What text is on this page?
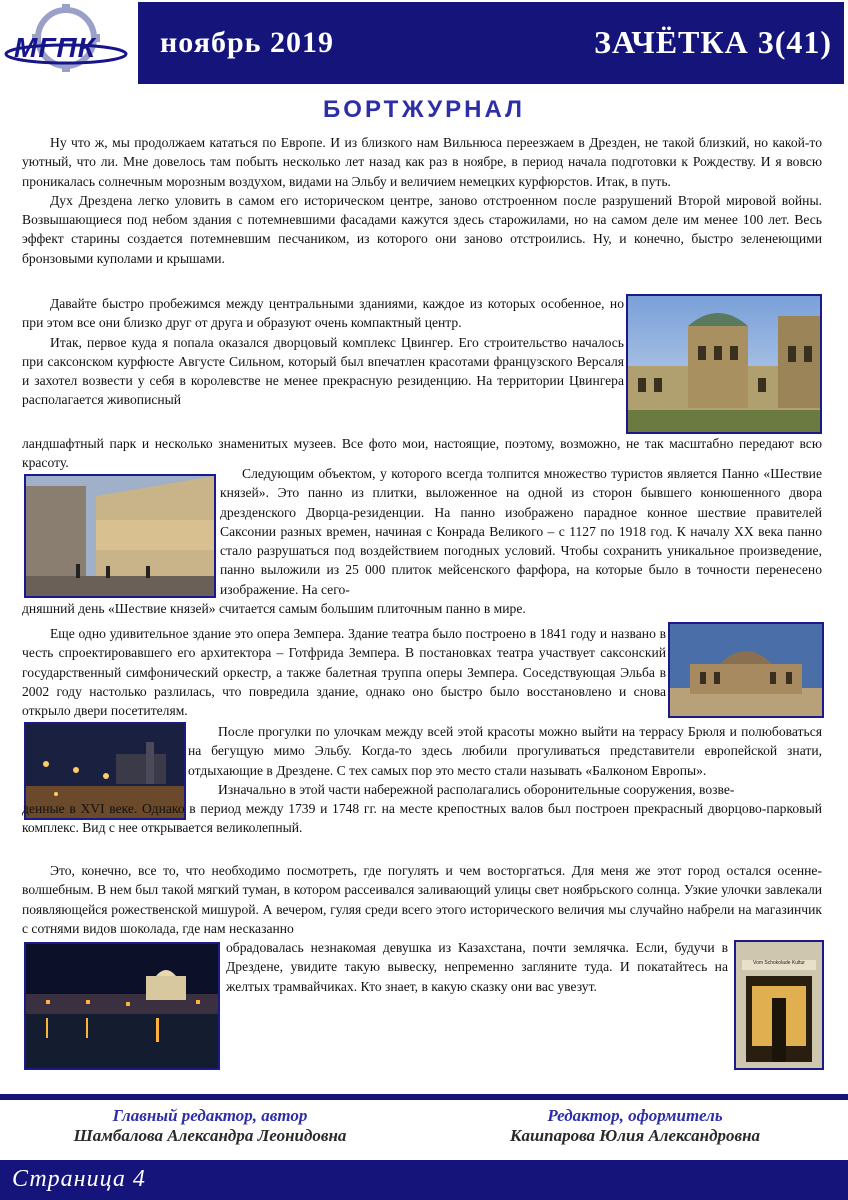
МГПК ноябрь 2019	ЗАЧЁТКА 3(41)
БОРТЖУРНАЛ

Ну что ж, мы продолжаем кататься по Европе. И из близкого нам Вильнюса переезжаем в Дрезден, не такой близкий, но какой-то уютный, что ли. Мне довелось там побыть несколько лет назад как раз в ноябре, в период начала подготовки к Рождеству. И я вовсю проникалась солнечным морозным воздухом, видами на Эльбу и величием немецких курфюрстов. Итак, в путь.

Дух Дрездена легко уловить в самом его историческом центре, заново отстроенном после разрушений Второй мировой войны. Возвышающиеся под небом здания с потемневшими фасадами кажутся здесь старожилами, но на самом деле им менее 100 лет. Весь эффект старины создается потемневшим песчаником, из которого они заново отстроились. Ну, и конечно, быстро зеленеющими бронзовыми куполами и крышами.

Давайте быстро пробежимся между центральными зданиями, каждое из которых особенное, но при этом все они близко друг от друга и образуют очень компактный центр.

Итак, первое куда я попала оказался дворцовый комплекс Цвингер. Его строительство началось при саксонском курфюсте Августе Сильном, который был впечатлен красотами французского Версаля и захотел возвести у себя в королевстве не менее прекрасную резиденцию. На территории Цвингера располагается живописный

ландшафтный парк и несколько знаменитых музеев. Все фото мои, настоящие, поэтому, возможно, не так масштабно передают всю красоту.

Следующим объектом, у которого всегда толпится множество туристов является Панно «Шествие князей». Это панно из плитки, выложенное на одной из сторон бывшего конюшенного двора дрезденского Дворца-резиденции. На панно изображено парадное конное шествие правителей Саксонии разных времен, начиная с Конрада Великого – с 1127 по 1918 год. К началу XX века панно стало разрушаться под воздействием погодных условий. Чтобы сохранить уникальное произведение, панно выложили из 25 000 плиток мейсенского фарфора, на которые было в точности перенесено изображение. На сего-

дняшний день «Шествие князей» считается самым большим плиточным панно в мире.

Еще одно удивительное здание это опера Земпера. Здание театра было построено в 1841 году и названо в честь спроектировавшего его архитектора – Готфрида Земпера. В постановках театра участвует саксонский государственный симфонический оркестр, а также балетная труппа оперы Земпера. Соседствующая Эльба в 2002 году настолько разлилась, что повредила здание, однако оно быстро было восстановлено и снова открыло двери посетителям.

После прогулки по улочкам между всей этой красоты можно выйти на террасу Брюля и полюбоваться на бегущую мимо Эльбу. Когда-то здесь любили прогуливаться представители европейской знати, отдыхающие в Дрездене. С тех самых пор это место стали называть «Балконом Европы».

Изначально в этой части набережной располагались оборонительные сооружения, возве-

денные в XVI веке. Однако в период между 1739 и 1748 гг. на месте крепостных валов был построен прекрасный дворцово-парковый комплекс. Вид с нее открывается великолепный.

Это, конечно, все то, что необходимо посмотреть, где погулять и чем восторгаться. Для меня же этот город остался осенне-волшебным. В нем был такой мягкий туман, в котором рассеивался заливающий улицы свет ноябрьского солнца. Узкие улочки завлекали появляющейся рожественской мишурой. А вечером, гуляя среди всего этого исторического величия мы случайно набрели на магазинчик с сотнями видов шоколада, где нам несказанно

Vom Schokolade Kultur

обрадовалась незнакомая девушка из Казахстана, почти землячка. Если, будучи в Дрездене, увидите такую вывеску, непременно загляните туда. И покатайтесь на желтых трамвайчиках. Кто знает, в какую сказку они вас увезут.

Главный редактор, автор
Шамбалова Александра Леонидовна
Редактор, оформитель
Кашпарова Юлия Александровна
Страница 4
